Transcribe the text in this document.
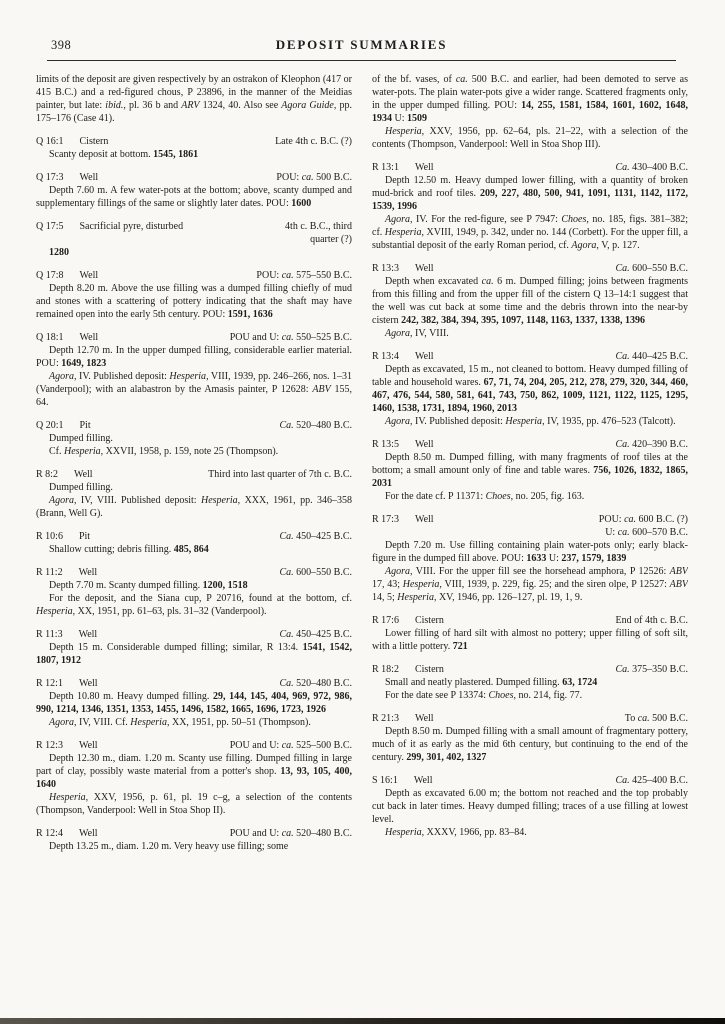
398	DEPOSIT SUMMARIES

limits of the deposit are given respectively by an ostrakon of Kleophon (417 or 415 B.C.) and a red-figured chous, P 23896, in the manner of the Meidias painter, but late: ibid., pl. 36 b and ARV 1324, 40. Also see Agora Guide, pp. 175–176 (Case 41).

Q 16:1 Cistern	Late 4th c. B.C. (?)

Scanty deposit at bottom. 1545, 1861

Q 17:3 Well	POU: ca. 500 B.C.

Depth 7.60 m. A few water-pots at the bottom; above, scanty dumped and supplementary fillings of the same or slightly later dates. POU: 1600

Q 17:5 Sacrificial pyre, disturbed	4th c. B.C., third
quarter (?)

1280

Q 17:8 Well	POU: ca. 575–550 B.C.

Depth 8.20 m. Above the use filling was a dumped filling chiefly of mud and stones with a scattering of pottery indicating that the shaft may have remained open into the early 5th century. POU: 1591, 1636

Q 18:1 Well	POU and U: ca. 550–525 B.C.

Depth 12.70 m. In the upper dumped filling, considerable earlier material. POU: 1649, 1823

Agora, IV. Published deposit: Hesperia, VIII, 1939, pp. 246–266, nos. 1–31 (Vanderpool); with an alabastron by the Amasis painter, P 12628: ABV 155, 64.

Q 20:1 Pit	Ca. 520–480 B.C.

Dumped filling.

Cf. Hesperia, XXVII, 1958, p. 159, note 25 (Thompson).

R 8:2 Well	Third into last quarter of 7th c. B.C.

Dumped filling.

Agora, IV, VIII. Published deposit: Hesperia, XXX, 1961, pp. 346–358 (Brann, Well G).

R 10:6 Pit	Ca. 450–425 B.C.

Shallow cutting; debris filling. 485, 864

R 11:2 Well	Ca. 600–550 B.C.

Depth 7.70 m. Scanty dumped filling. 1200, 1518

For the deposit, and the Siana cup, P 20716, found at the bottom, cf. Hesperia, XX, 1951, pp. 61–63, pls. 31–32 (Vanderpool).

R 11:3 Well	Ca. 450–425 B.C.

Depth 15 m. Considerable dumped filling; similar, R 13:4. 1541, 1542, 1807, 1912

R 12:1 Well	Ca. 520–480 B.C.

Depth 10.80 m. Heavy dumped filling. 29, 144, 145, 404, 969, 972, 986, 990, 1214, 1346, 1351, 1353, 1455, 1496, 1582, 1665, 1696, 1723, 1926

Agora, IV, VIII. Cf. Hesperia, XX, 1951, pp. 50–51 (Thompson).

R 12:3 Well	POU and U: ca. 525–500 B.C.

Depth 12.30 m., diam. 1.20 m. Scanty use filling. Dumped filling in large part of clay, possibly waste material from a potter's shop. 13, 93, 105, 400, 1640

Hesperia, XXV, 1956, p. 61, pl. 19 c–g, a selection of the contents (Thompson, Vanderpool: Well in Stoa Shop II).

R 12:4 Well	POU and U: ca. 520–480 B.C.

Depth 13.25 m., diam. 1.20 m. Very heavy use filling; some

of the bf. vases, of ca. 500 B.C. and earlier, had been demoted to serve as water-pots. The plain water-pots give a wider range. Scattered fragments only, in the upper dumped filling. POU: 14, 255, 1581, 1584, 1601, 1602, 1648, 1934 U: 1509

Hesperia, XXV, 1956, pp. 62–64, pls. 21–22, with a selection of the contents (Thompson, Vanderpool: Well in Stoa Shop III).

R 13:1 Well	Ca. 430–400 B.C.

Depth 12.50 m. Heavy dumped lower filling, with a quantity of broken mud-brick and roof tiles. 209, 227, 480, 500, 941, 1091, 1131, 1142, 1172, 1539, 1996

Agora, IV. For the red-figure, see P 7947: Choes, no. 185, figs. 381–382; cf. Hesperia, XVIII, 1949, p. 342, under no. 144 (Corbett). For the upper fill, a substantial deposit of the early Roman period, cf. Agora, V, p. 127.

R 13:3 Well	Ca. 600–550 B.C.

Depth when excavated ca. 6 m. Dumped filling; joins between fragments from this filling and from the upper fill of the cistern Q 13–14:1 suggest that the well was cut back at some time and the debris thrown into the near-by cistern 242, 382, 384, 394, 395, 1097, 1148, 1163, 1337, 1338, 1396

Agora, IV, VIII.

R 13:4 Well	Ca. 440–425 B.C.

Depth as excavated, 15 m., not cleaned to bottom. Heavy dumped filling of table and household wares. 67, 71, 74, 204, 205, 212, 278, 279, 320, 344, 460, 467, 476, 544, 580, 581, 641, 743, 750, 862, 1009, 1121, 1122, 1125, 1295, 1460, 1538, 1731, 1894, 1960, 2013

Agora, IV. Published deposit: Hesperia, IV, 1935, pp. 476–523 (Talcott).

R 13:5 Well	Ca. 420–390 B.C.

Depth 8.50 m. Dumped filling, with many fragments of roof tiles at the bottom; a small amount only of fine and table wares. 756, 1026, 1832, 1865, 2031

For the date cf. P 11371: Choes, no. 205, fig. 163.

R 17:3 Well	POU: ca. 600 B.C. (?)
U: ca. 600–570 B.C.

Depth 7.20 m. Use filling containing plain water-pots only; early black-figure in the dumped fill above. POU: 1633 U: 237, 1579, 1839

Agora, VIII. For the upper fill see the horsehead amphora, P 12526: ABV 17, 43; Hesperia, VIII, 1939, p. 229, fig. 25; and the siren olpe, P 12527: ABV 14, 5; Hesperia, XV, 1946, pp. 126–127, pl. 19, 1, 9.

R 17:6 Cistern	End of 4th c. B.C.

Lower filling of hard silt with almost no pottery; upper filling of soft silt, with a little pottery. 721

R 18:2 Cistern	Ca. 375–350 B.C.

Small and neatly plastered. Dumped filling. 63, 1724

For the date see P 13374: Choes, no. 214, fig. 77.

R 21:3 Well	To ca. 500 B.C.

Depth 8.50 m. Dumped filling with a small amount of fragmentary pottery, much of it as early as the mid 6th century, but continuing to the end of the century. 299, 301, 402, 1327

S 16:1 Well	Ca. 425–400 B.C.

Depth as excavated 6.00 m; the bottom not reached and the top probably cut back in later times. Heavy dumped filling; traces of a use filling at lowest level.

Hesperia, XXXV, 1966, pp. 83–84.
